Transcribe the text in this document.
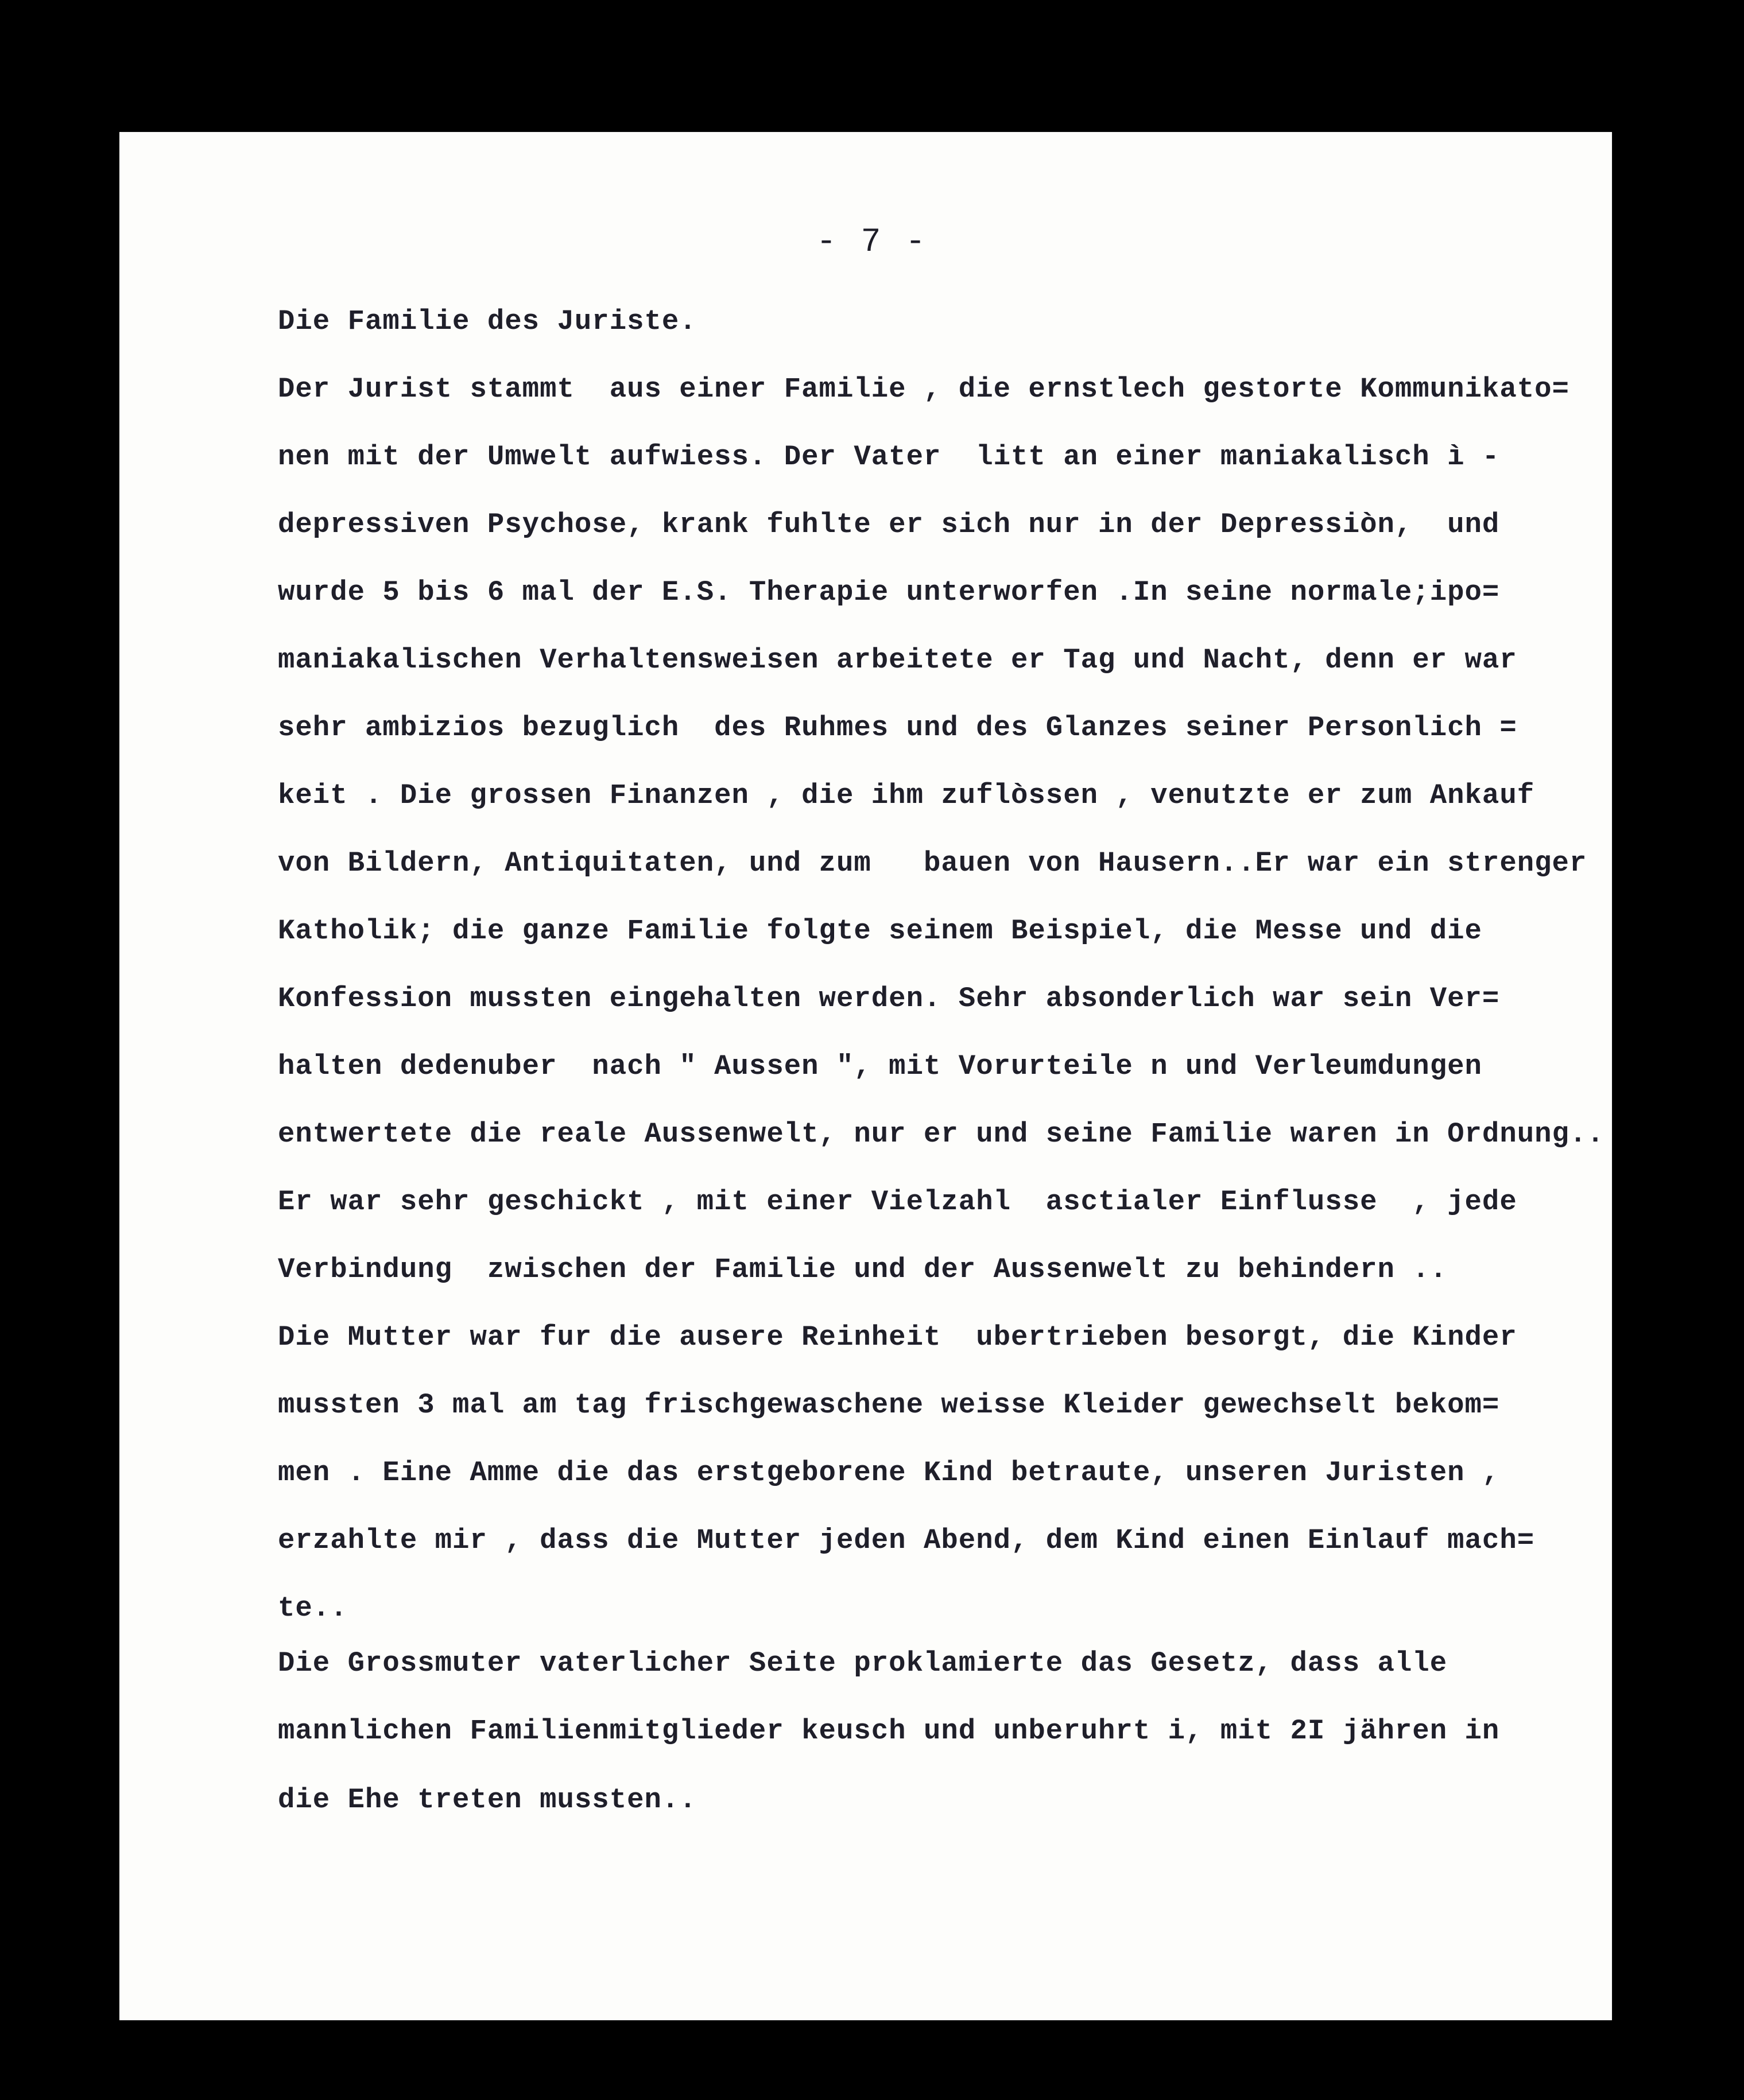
- 7 -
Die Familie des Juriste.
Der Jurist stammt  aus einer Familie , die ernstlech gestorte Kommunikato=
nen mit der Umwelt aufwiess. Der Vater  litt an einer maniakalisch ì -
depressiven Psychose, krank fuhlte er sich nur in der Depressiòn,  und
wurde 5 bis 6 mal der E.S. Therapie unterworfen .In seine normale;ipo=
maniakalischen Verhaltensweisen arbeitete er Tag und Nacht, denn er war
sehr ambizios bezuglich  des Ruhmes und des Glanzes seiner Personlich =
keit . Die grossen Finanzen , die ihm zuflòssen , venutzte er zum Ankauf
von Bildern, Antiquitaten, und zum   bauen von Hausern..Er war ein strenger
Katholik; die ganze Familie folgte seinem Beispiel, die Messe und die
Konfession mussten eingehalten werden. Sehr absonderlich war sein Ver=
halten dedenuber  nach " Aussen ", mit Vorurteile n und Verleumdungen
entwertete die reale Aussenwelt, nur er und seine Familie waren in Ordnung..
Er war sehr geschickt , mit einer Vielzahl  asctialer Einflusse  , jede
Verbindung  zwischen der Familie und der Aussenwelt zu behindern ..
Die Mutter war fur die ausere Reinheit  ubertrieben besorgt, die Kinder
mussten 3 mal am tag frischgewaschene weisse Kleider gewechselt bekom=
men . Eine Amme die das erstgeborene Kind betraute, unseren Juristen ,
erzahlte mir , dass die Mutter jeden Abend, dem Kind einen Einlauf mach=
te..
Die Grossmuter vaterlicher Seite proklamierte das Gesetz, dass alle
mannlichen Familienmitglieder keusch und unberuhrt i, mit 2I jähren in
die Ehe treten mussten..
